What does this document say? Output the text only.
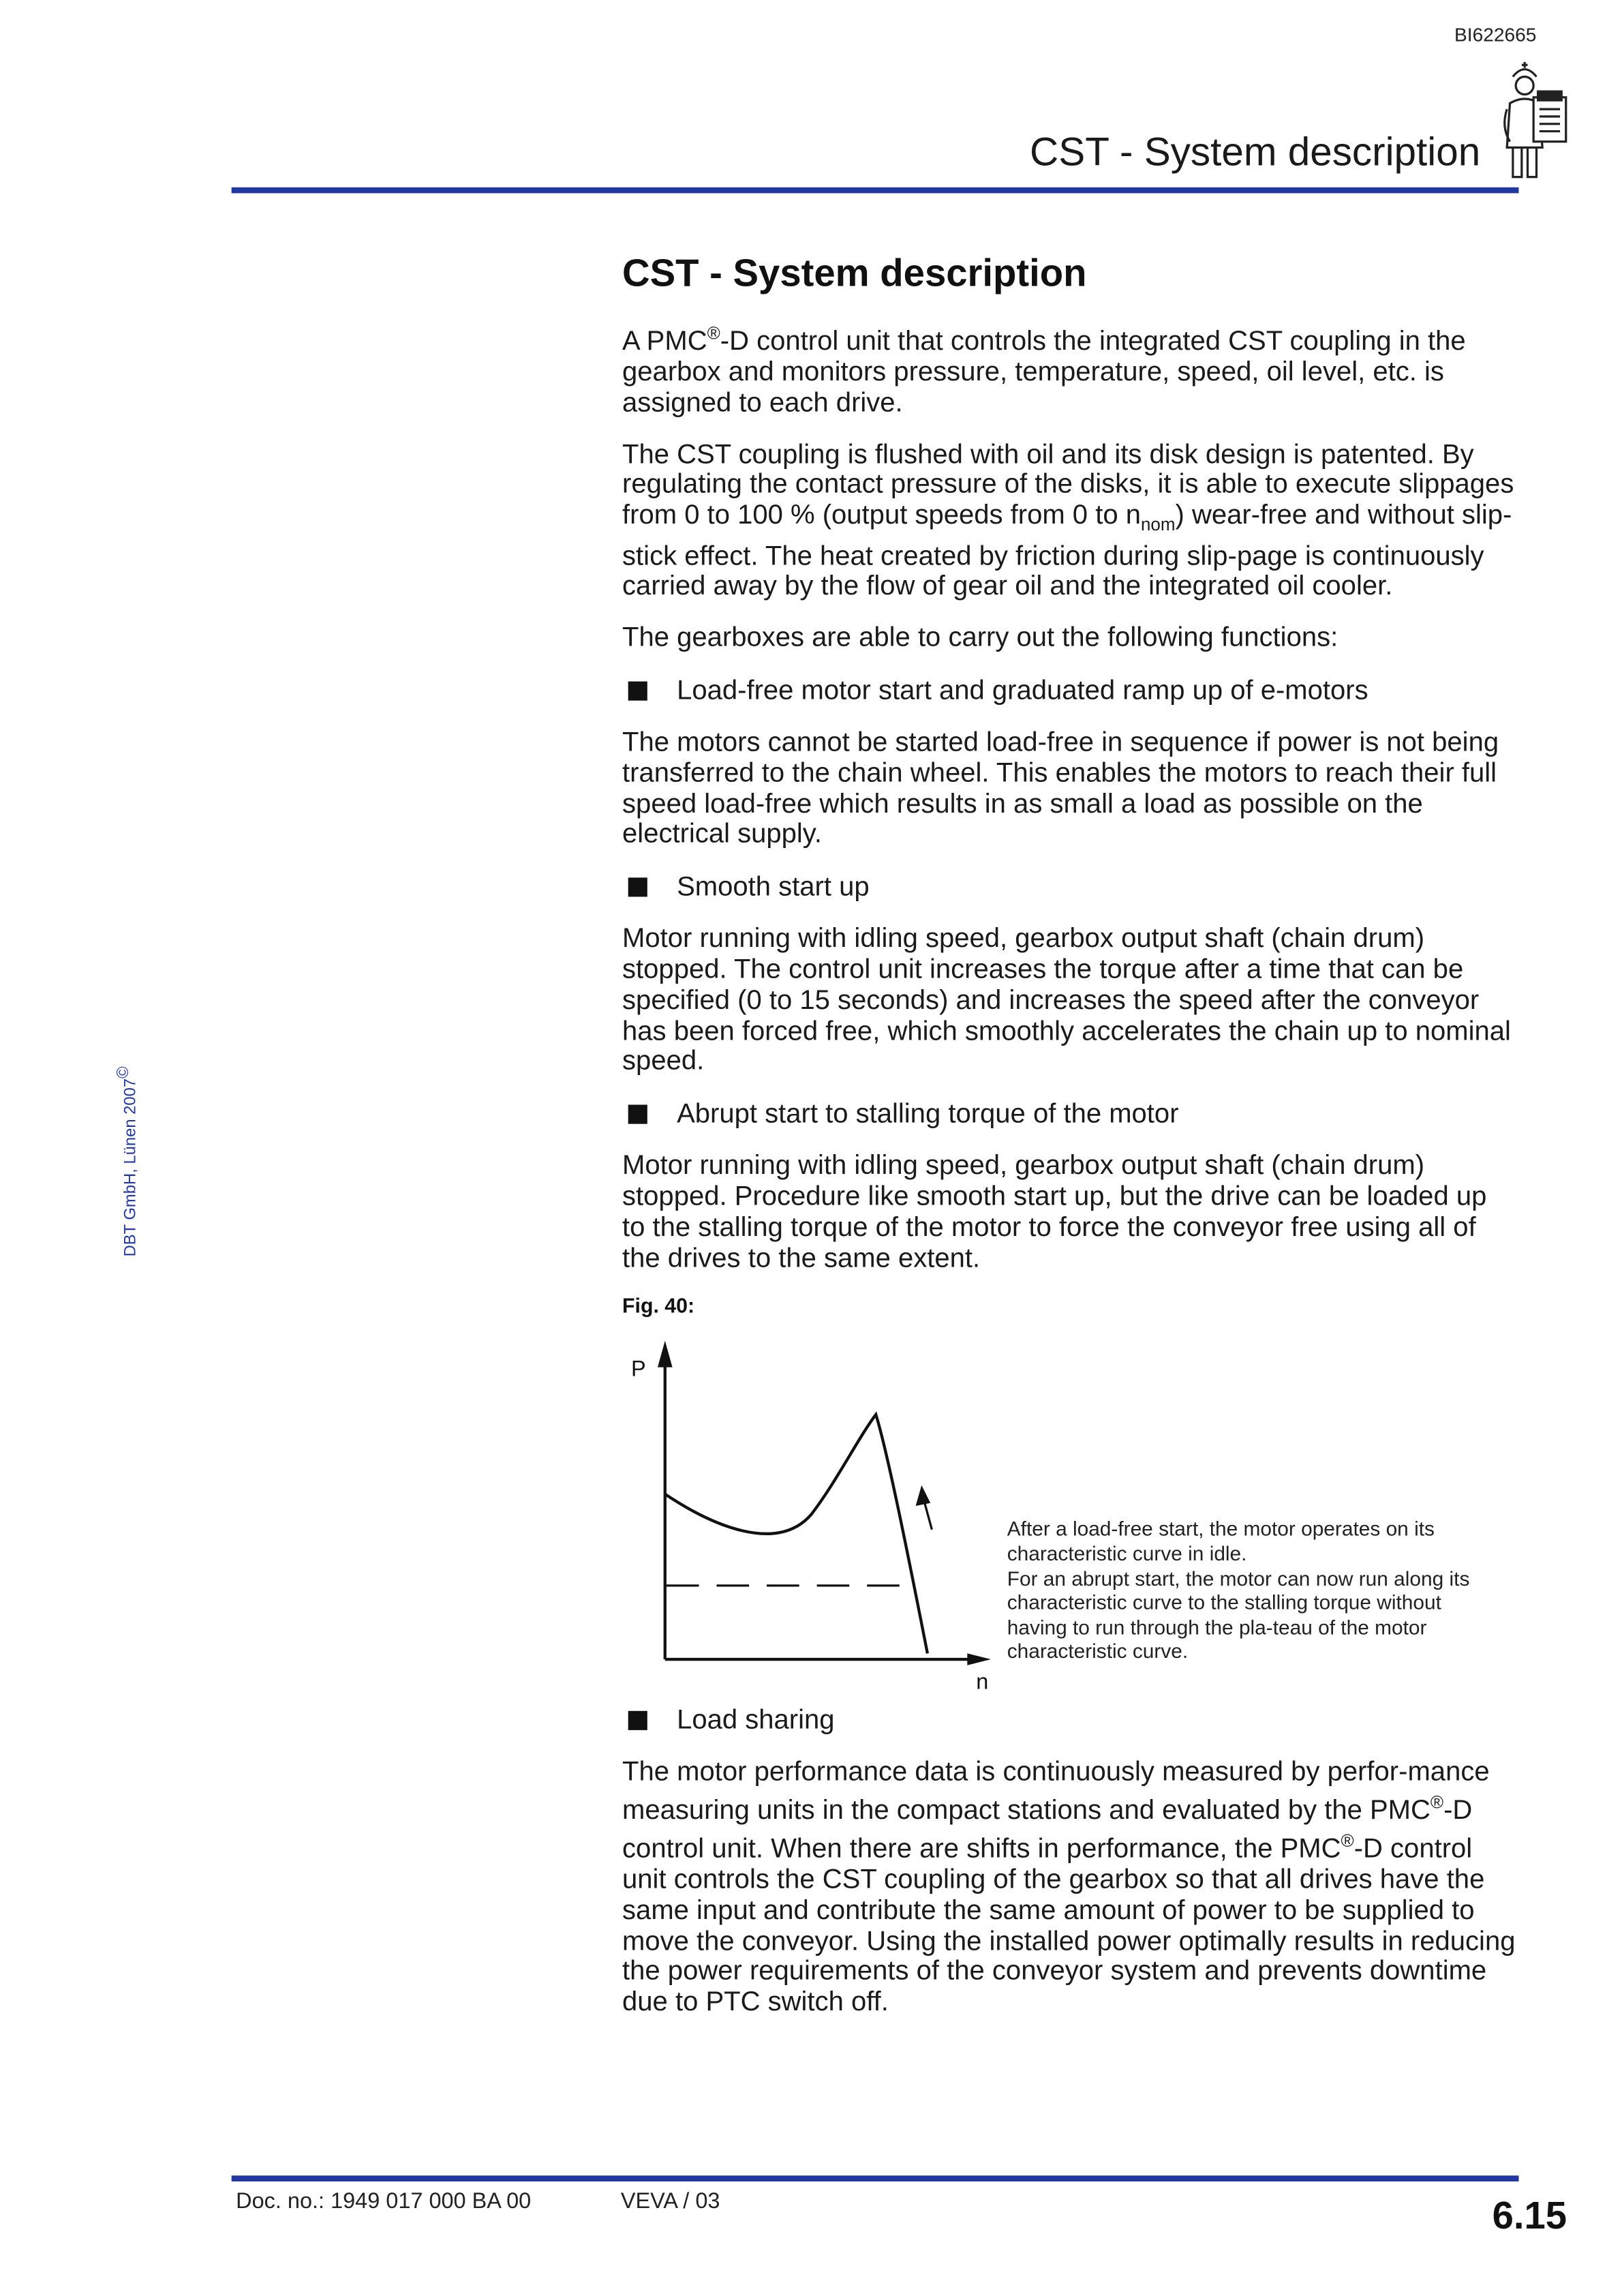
BI622665
CST - System description
DBT GmbH, Lünen 2007©
CST - System description

A PMC®-D control unit that controls the integrated CST coupling in the gearbox and monitors pressure, temperature, speed, oil level, etc. is assigned to each drive.

The CST coupling is flushed with oil and its disk design is patented. By regulating the contact pressure of the disks, it is able to execute slippages from 0 to 100 % (output speeds from 0 to $n_{nom}$) wear-free and without slip-stick effect. The heat created by friction during slip-page is continuously carried away by the flow of gear oil and the integrated oil cooler.

The gearboxes are able to carry out the following functions:

Load-free motor start and graduated ramp up of e-motors

The motors cannot be started load-free in sequence if power is not being transferred to the chain wheel. This enables the motors to reach their full speed load-free which results in as small a load as possible on the electrical supply.

Smooth start up

Motor running with idling speed, gearbox output shaft (chain drum) stopped. The control unit increases the torque after a time that can be specified (0 to 15 seconds) and increases the speed after the conveyor has been forced free, which smoothly accelerates the chain up to nominal speed.

Abrupt start to stalling torque of the motor

Motor running with idling speed, gearbox output shaft (chain drum) stopped. Procedure like smooth start up, but the drive can be loaded up to the stalling torque of the motor to force the conveyor free using all of the drives to the same extent.

Fig. 40:
P
n
After a load-free start, the motor operates on its characteristic curve in idle.
For an abrupt start, the motor can now run along its characteristic curve to the stalling torque without having to run through the pla-teau of the motor characteristic curve.
Load sharing

The motor performance data is continuously measured by perfor-mance measuring units in the compact stations and evaluated by the PMC®-D control unit. When there are shifts in performance, the PMC®-D control unit controls the CST coupling of the gearbox so that all drives have the same input and contribute the same amount of power to be supplied to move the conveyor. Using the installed power optimally results in reducing the power requirements of the conveyor system and prevents downtime due to PTC switch off.

Doc. no.: 1949 017 000 BA 00	VEVA / 03	6.15
